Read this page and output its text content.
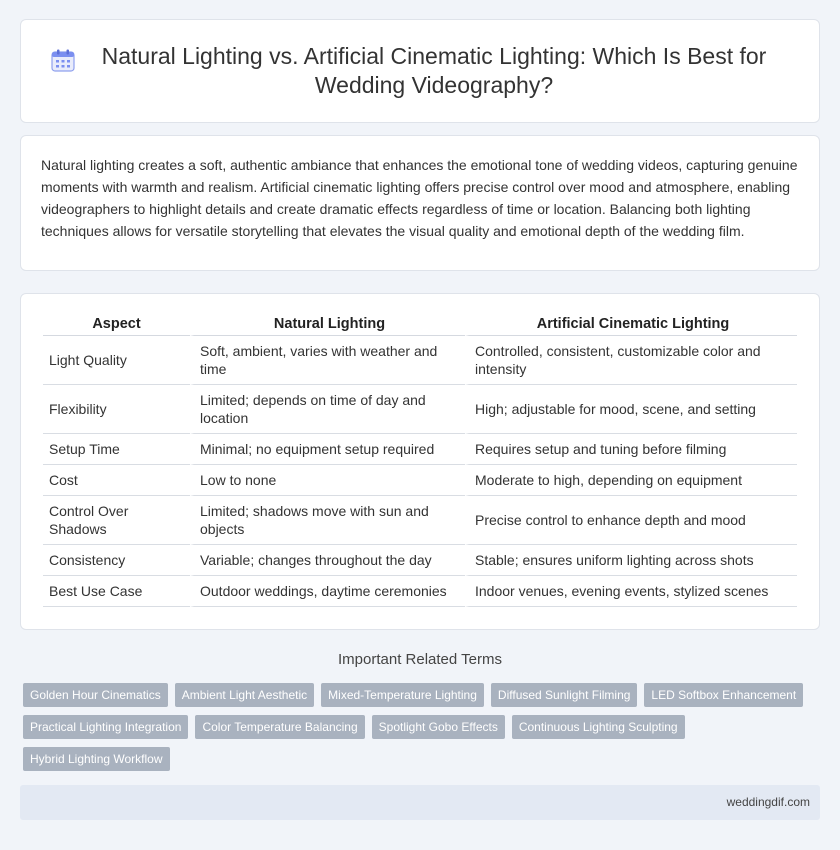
Natural Lighting vs. Artificial Cinematic Lighting: Which Is Best for Wedding Videography?

Natural lighting creates a soft, authentic ambiance that enhances the emotional tone of wedding videos, capturing genuine moments with warmth and realism. Artificial cinematic lighting offers precise control over mood and atmosphere, enabling videographers to highlight details and create dramatic effects regardless of time or location. Balancing both lighting techniques allows for versatile storytelling that elevates the visual quality and emotional depth of the wedding film.

Aspect	Natural Lighting	Artificial Cinematic Lighting
Light Quality	Soft, ambient, varies with weather and time	Controlled, consistent, customizable color and intensity
Flexibility	Limited; depends on time of day and location	High; adjustable for mood, scene, and setting
Setup Time	Minimal; no equipment setup required	Requires setup and tuning before filming
Cost	Low to none	Moderate to high, depending on equipment
Control Over Shadows	Limited; shadows move with sun and objects	Precise control to enhance depth and mood
Consistency	Variable; changes throughout the day	Stable; ensures uniform lighting across shots
Best Use Case	Outdoor weddings, daytime ceremonies	Indoor venues, evening events, stylized scenes
Important Related Terms
Golden Hour Cinematics	Ambient Light Aesthetic	Mixed-Temperature Lighting	Diffused Sunlight Filming	LED Softbox Enhancement
Practical Lighting Integration	Color Temperature Balancing	Spotlight Gobo Effects	Continuous Lighting Sculpting
Hybrid Lighting Workflow
weddingdif.com
